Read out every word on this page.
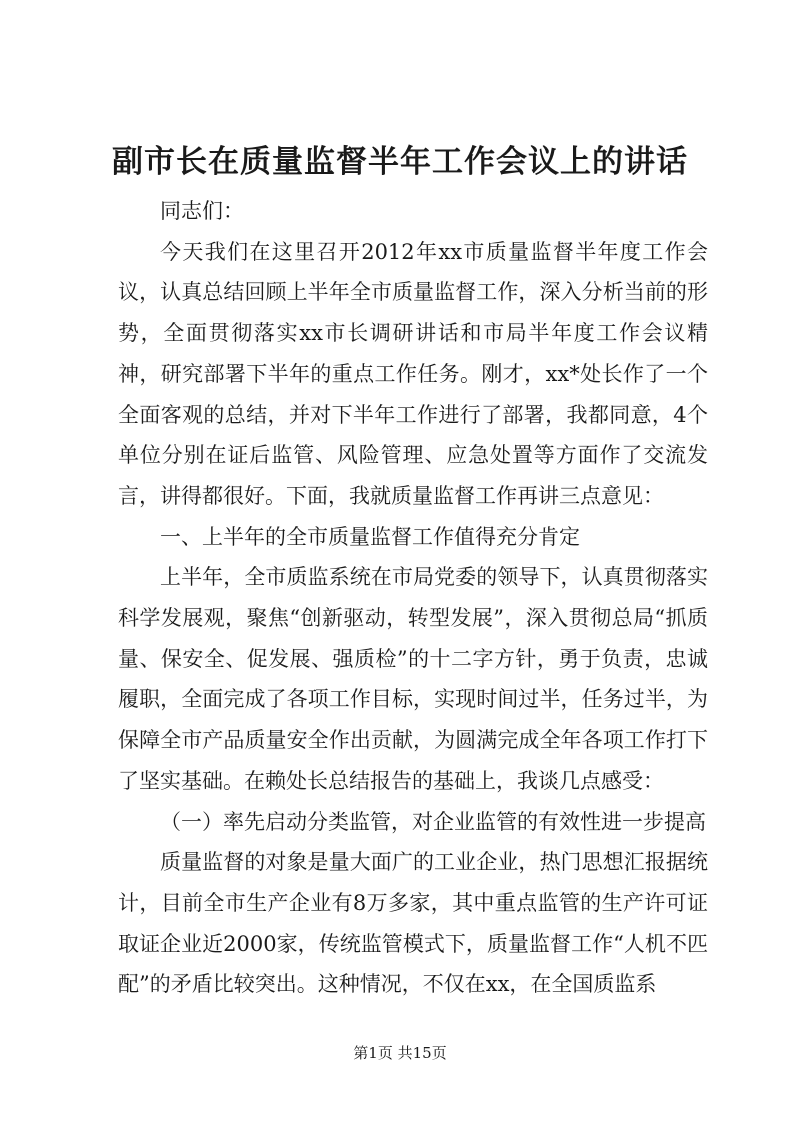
副市长在质量监督半年工作会议上的讲话

同志们：

今天我们在这里召开2012年xx市质量监督半年度工作会议，认真总结回顾上半年全市质量监督工作，深入分析当前的形势，全面贯彻落实xx市长调研讲话和市局半年度工作会议精神，研究部署下半年的重点工作任务。刚才，xx*处长作了一个全面客观的总结，并对下半年工作进行了部署，我都同意，4个单位分别在证后监管、风险管理、应急处置等方面作了交流发言，讲得都很好。下面，我就质量监督工作再讲三点意见：

一、上半年的全市质量监督工作值得充分肯定

上半年，全市质监系统在市局党委的领导下，认真贯彻落实科学发展观，聚焦“创新驱动，转型发展”，深入贯彻总局“抓质量、保安全、促发展、强质检”的十二字方针，勇于负责，忠诚履职，全面完成了各项工作目标，实现时间过半，任务过半，为保障全市产品质量安全作出贡献，为圆满完成全年各项工作打下了坚实基础。在赖处长总结报告的基础上，我谈几点感受：

（一）率先启动分类监管，对企业监管的有效性进一步提高

质量监督的对象是量大面广的工业企业，热门思想汇报据统计，目前全市生产企业有8万多家，其中重点监管的生产许可证取证企业近2000家，传统监管模式下，质量监督工作“人机不匹配”的矛盾比较突出。这种情况，不仅在xx，在全国质监系

第1页 共15页
